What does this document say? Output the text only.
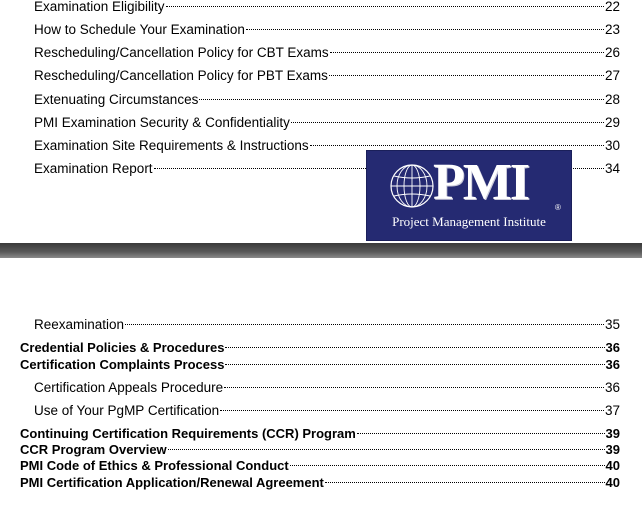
Examination Eligibility	22
How to Schedule Your Examination	23
Rescheduling/Cancellation Policy for CBT Exams	26
Rescheduling/Cancellation Policy for PBT Exams	27
Extenuating Circumstances	28
PMI Examination Security & Confidentiality	29
Examination Site Requirements & Instructions	30
Examination Report	34
PMI	®
Project Management Institute
Reexamination	35
Credential Policies & Procedures	36
Certification Complaints Process	36
Certification Appeals Procedure	36
Use of Your PgMP Certification	37
Continuing Certification Requirements (CCR) Program	39
CCR Program Overview	39
PMI Code of Ethics & Professional Conduct	40
PMI Certification Application/Renewal Agreement	40
